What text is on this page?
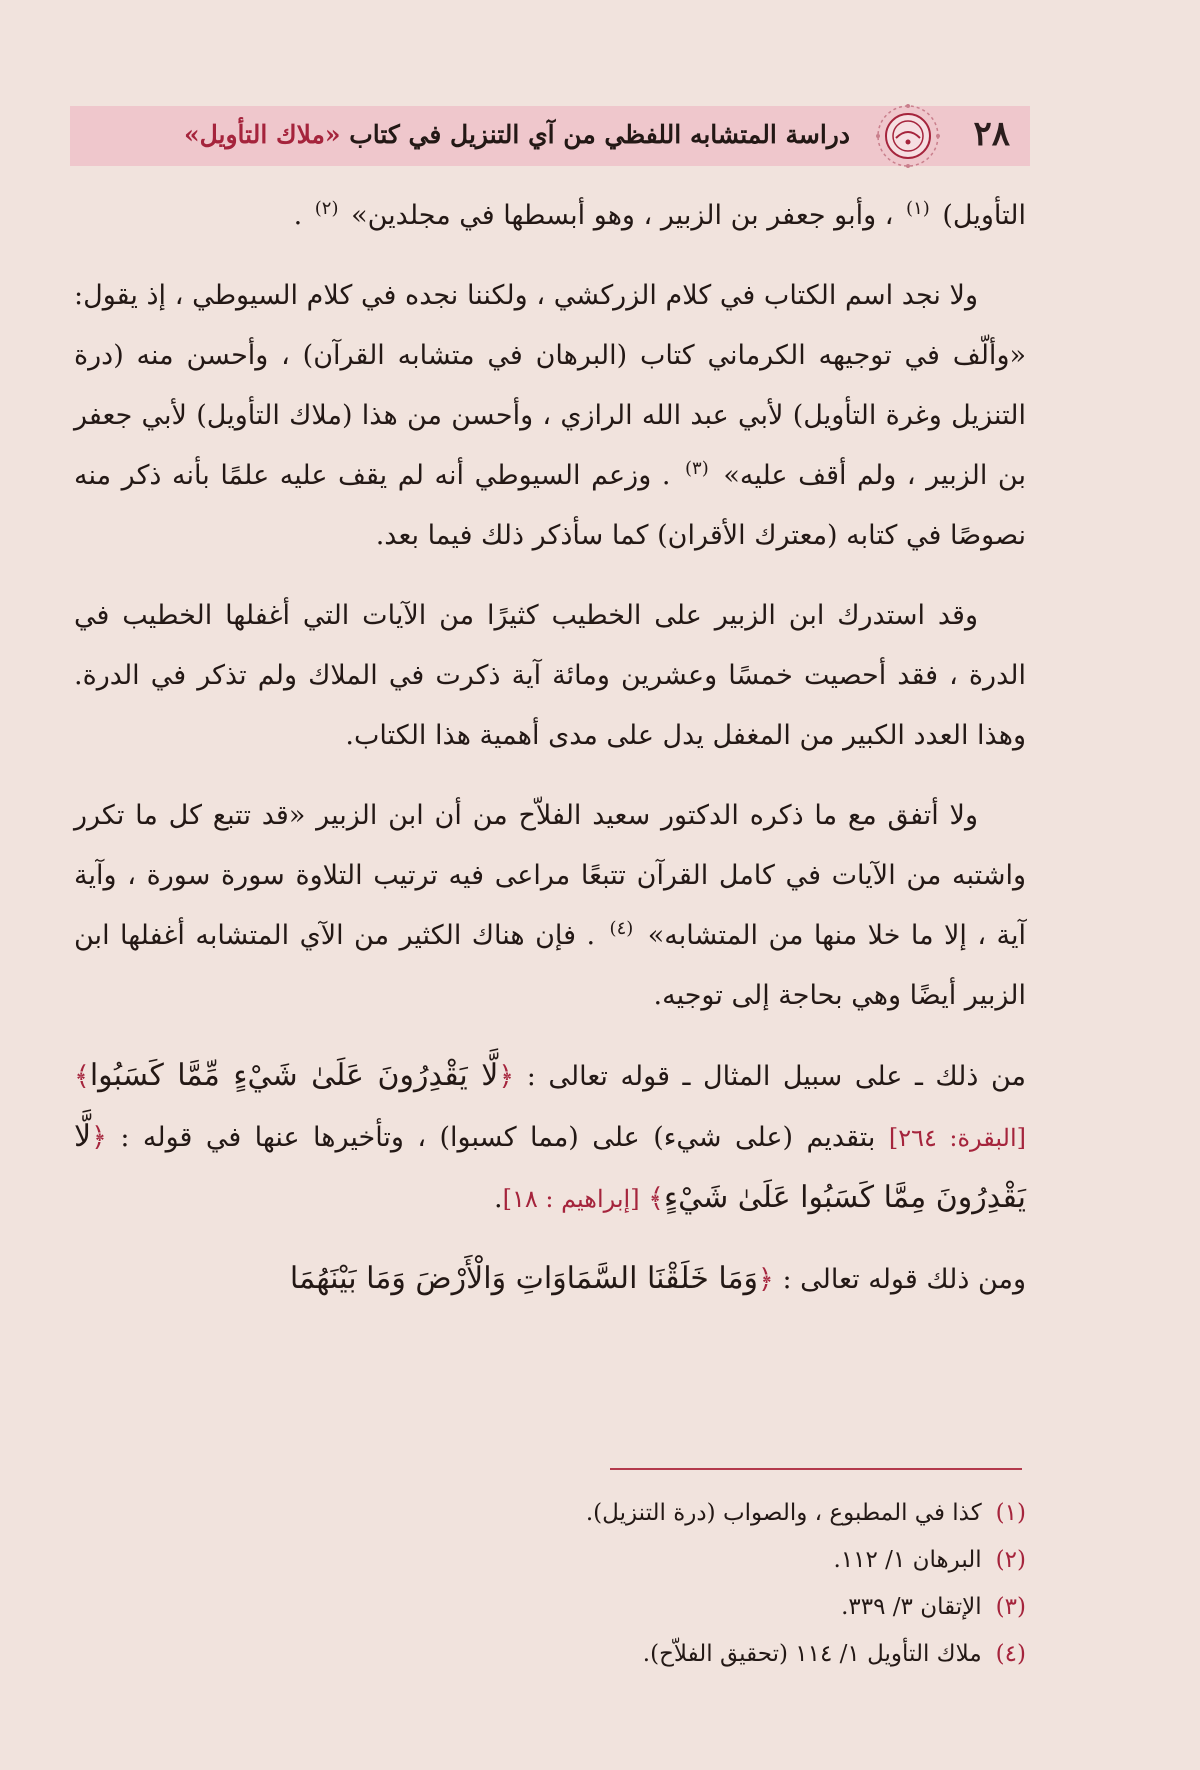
٢٨
دراسة المتشابه اللفظي من آي التنزيل في كتاب «ملاك التأويل»

التأويل) $^{(١)}$ ، وأبو جعفر بن الزبير ، وهو أبسطها في مجلدين» $^{(٢)}$ .

ولا نجد اسم الكتاب في كلام الزركشي ، ولكننا نجده في كلام السيوطي ، إذ يقول: «وألّف في توجيهه الكرماني كتاب (البرهان في متشابه القرآن) ، وأحسن منه (درة التنزيل وغرة التأويل) لأبي عبد الله الرازي ، وأحسن من هذا (ملاك التأويل) لأبي جعفر بن الزبير ، ولم أقف عليه» $^{(٣)}$ . وزعم السيوطي أنه لم يقف عليه علمًا بأنه ذكر منه نصوصًا في كتابه (معترك الأقران) كما سأذكر ذلك فيما بعد.

وقد استدرك ابن الزبير على الخطيب كثيرًا من الآيات التي أغفلها الخطيب في الدرة ، فقد أحصيت خمسًا وعشرين ومائة آية ذكرت في الملاك ولم تذكر في الدرة. وهذا العدد الكبير من المغفل يدل على مدى أهمية هذا الكتاب.

ولا أتفق مع ما ذكره الدكتور سعيد الفلاّح من أن ابن الزبير «قد تتبع كل ما تكرر واشتبه من الآيات في كامل القرآن تتبعًا مراعى فيه ترتيب التلاوة سورة سورة ، وآية آية ، إلا ما خلا منها من المتشابه» $^{(٤)}$ . فإن هناك الكثير من الآي المتشابه أغفلها ابن الزبير أيضًا وهي بحاجة إلى توجيه.

من ذلك ـ على سبيل المثال ـ قوله تعالى : ﴿لَّا يَقْدِرُونَ عَلَىٰ شَيْءٍ مِّمَّا كَسَبُوا﴾ [البقرة: ٢٦٤] بتقديم (على شيء) على (مما كسبوا) ، وتأخيرها عنها في قوله : ﴿لَّا يَقْدِرُونَ مِمَّا كَسَبُوا عَلَىٰ شَيْءٍ﴾ [إبراهيم : ١٨].

ومن ذلك قوله تعالى : ﴿وَمَا خَلَقْنَا السَّمَاوَاتِ وَالْأَرْضَ وَمَا بَيْنَهُمَا

(١)كذا في المطبوع ، والصواب (درة التنزيل).

(٢)البرهان ١/ ١١٢.

(٣)الإتقان ٣/ ٣٣٩.

(٤)ملاك التأويل ١/ ١١٤ (تحقيق الفلاّح).
